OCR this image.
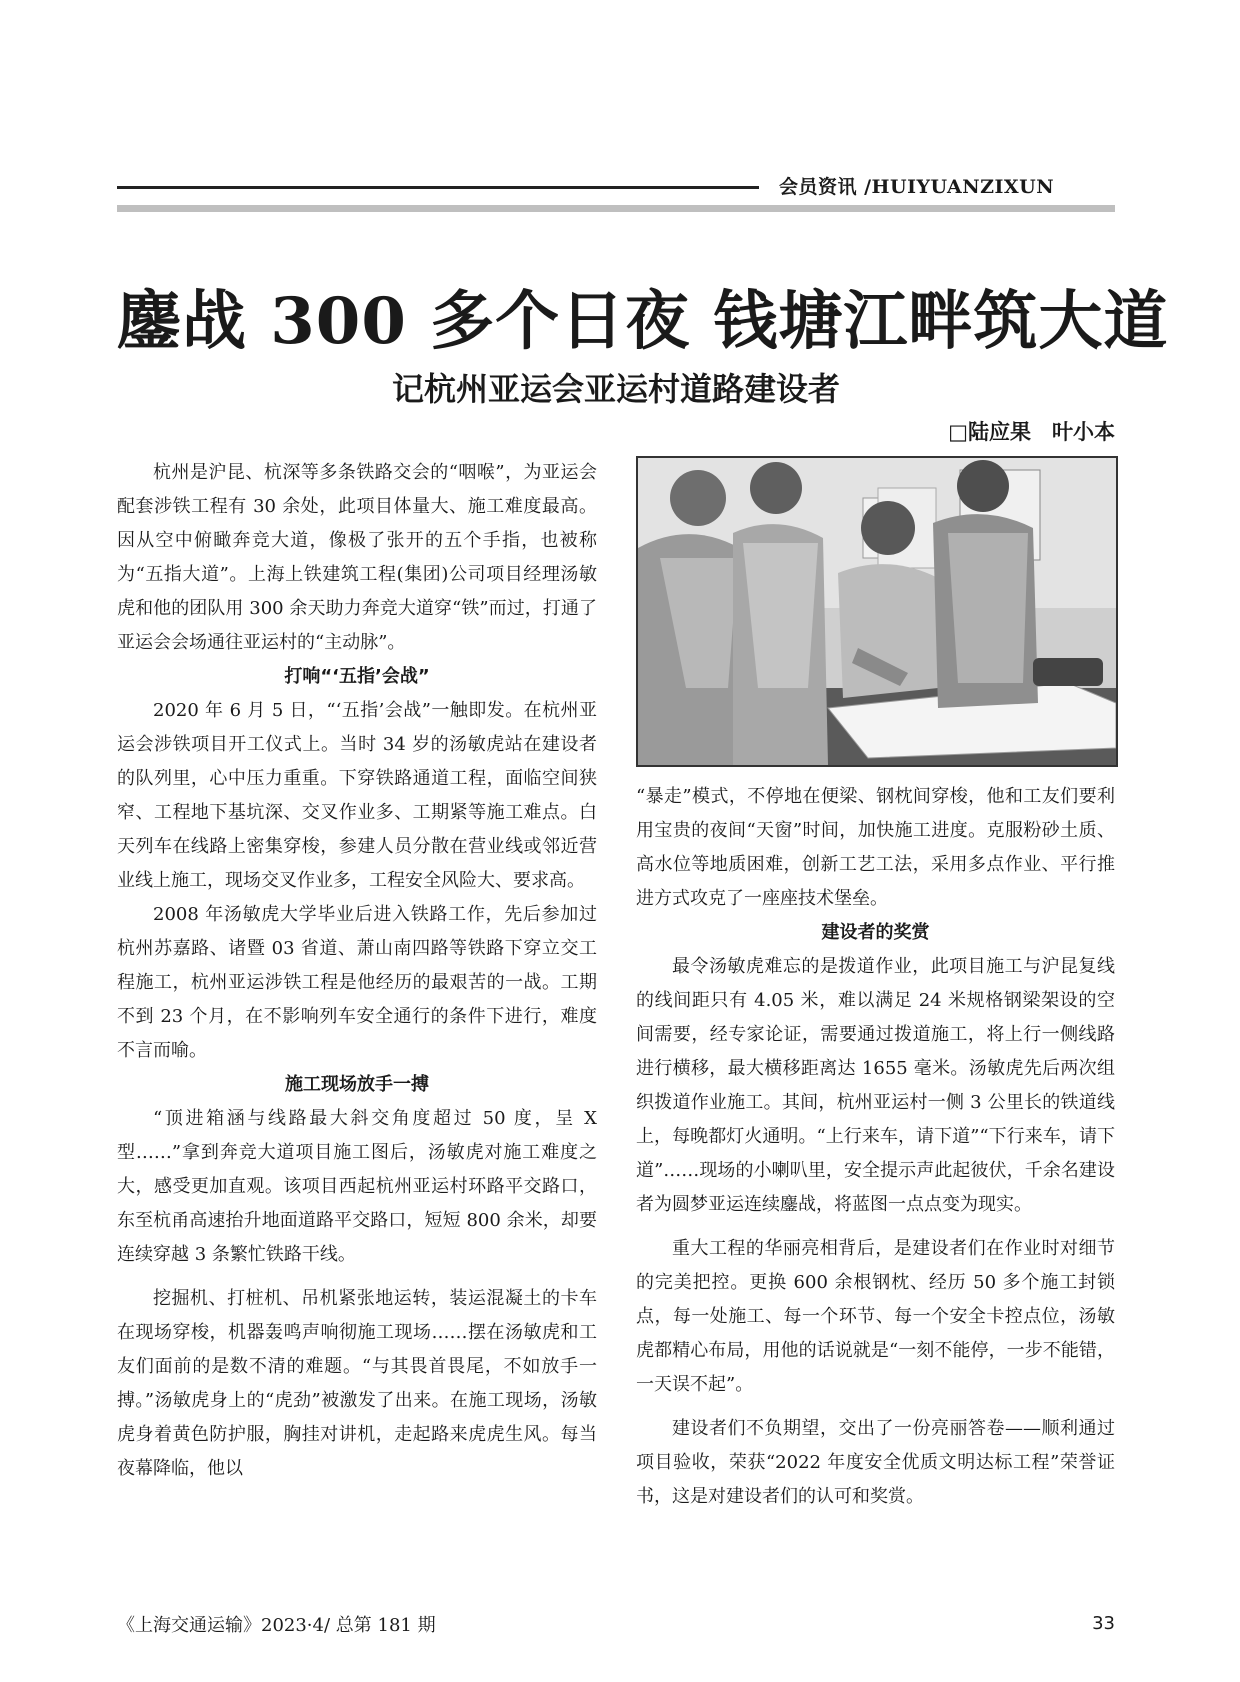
会员资讯 /HUIYUANZIXUN
鏖战 300 多个日夜 钱塘江畔筑大道
记杭州亚运会亚运村道路建设者
□陆应果　叶小本

杭州是沪昆、杭深等多条铁路交会的“咽喉”，为亚运会配套涉铁工程有 30 余处，此项目体量大、施工难度最高。因从空中俯瞰奔竞大道，像极了张开的五个手指，也被称为“五指大道”。上海上铁建筑工程(集团)公司项目经理汤敏虎和他的团队用 300 余天助力奔竞大道穿“铁”而过，打通了亚运会会场通往亚运村的“主动脉”。

打响“‘五指’会战”

2020 年 6 月 5 日，“‘五指’会战”一触即发。在杭州亚运会涉铁项目开工仪式上。当时 34 岁的汤敏虎站在建设者的队列里，心中压力重重。下穿铁路通道工程，面临空间狭窄、工程地下基坑深、交叉作业多、工期紧等施工难点。白天列车在线路上密集穿梭，参建人员分散在营业线或邻近营业线上施工，现场交叉作业多，工程安全风险大、要求高。

2008 年汤敏虎大学毕业后进入铁路工作，先后参加过杭州苏嘉路、诸暨 03 省道、萧山南四路等铁路下穿立交工程施工，杭州亚运涉铁工程是他经历的最艰苦的一战。工期不到 23 个月，在不影响列车安全通行的条件下进行，难度不言而喻。

施工现场放手一搏

“顶进箱涵与线路最大斜交角度超过 50 度，呈 X 型……”拿到奔竞大道项目施工图后，汤敏虎对施工难度之大，感受更加直观。该项目西起杭州亚运村环路平交路口，东至杭甬高速抬升地面道路平交路口，短短 800 余米，却要连续穿越 3 条繁忙铁路干线。

挖掘机、打桩机、吊机紧张地运转，装运混凝土的卡车在现场穿梭，机器轰鸣声响彻施工现场……摆在汤敏虎和工友们面前的是数不清的难题。“与其畏首畏尾，不如放手一搏。”汤敏虎身上的“虎劲”被激发了出来。在施工现场，汤敏虎身着黄色防护服，胸挂对讲机，走起路来虎虎生风。每当夜幕降临，他以

“暴走”模式，不停地在便梁、钢枕间穿梭，他和工友们要利用宝贵的夜间“天窗”时间，加快施工进度。克服粉砂土质、高水位等地质困难，创新工艺工法，采用多点作业、平行推进方式攻克了一座座技术堡垒。

建设者的奖赏

最令汤敏虎难忘的是拨道作业，此项目施工与沪昆复线的线间距只有 4.05 米，难以满足 24 米规格钢梁架设的空间需要，经专家论证，需要通过拨道施工，将上行一侧线路进行横移，最大横移距离达 1655 毫米。汤敏虎先后两次组织拨道作业施工。其间，杭州亚运村一侧 3 公里长的铁道线上，每晚都灯火通明。“上行来车，请下道”“下行来车，请下道”……现场的小喇叭里，安全提示声此起彼伏，千余名建设者为圆梦亚运连续鏖战，将蓝图一点点变为现实。

重大工程的华丽亮相背后，是建设者们在作业时对细节的完美把控。更换 600 余根钢枕、经历 50 多个施工封锁点，每一处施工、每一个环节、每一个安全卡控点位，汤敏虎都精心布局，用他的话说就是“一刻不能停，一步不能错，一天误不起”。

建设者们不负期望，交出了一份亮丽答卷——顺利通过项目验收，荣获“2022 年度安全优质文明达标工程”荣誉证书，这是对建设者们的认可和奖赏。

《上海交通运输》2023·4/ 总第 181 期	33
